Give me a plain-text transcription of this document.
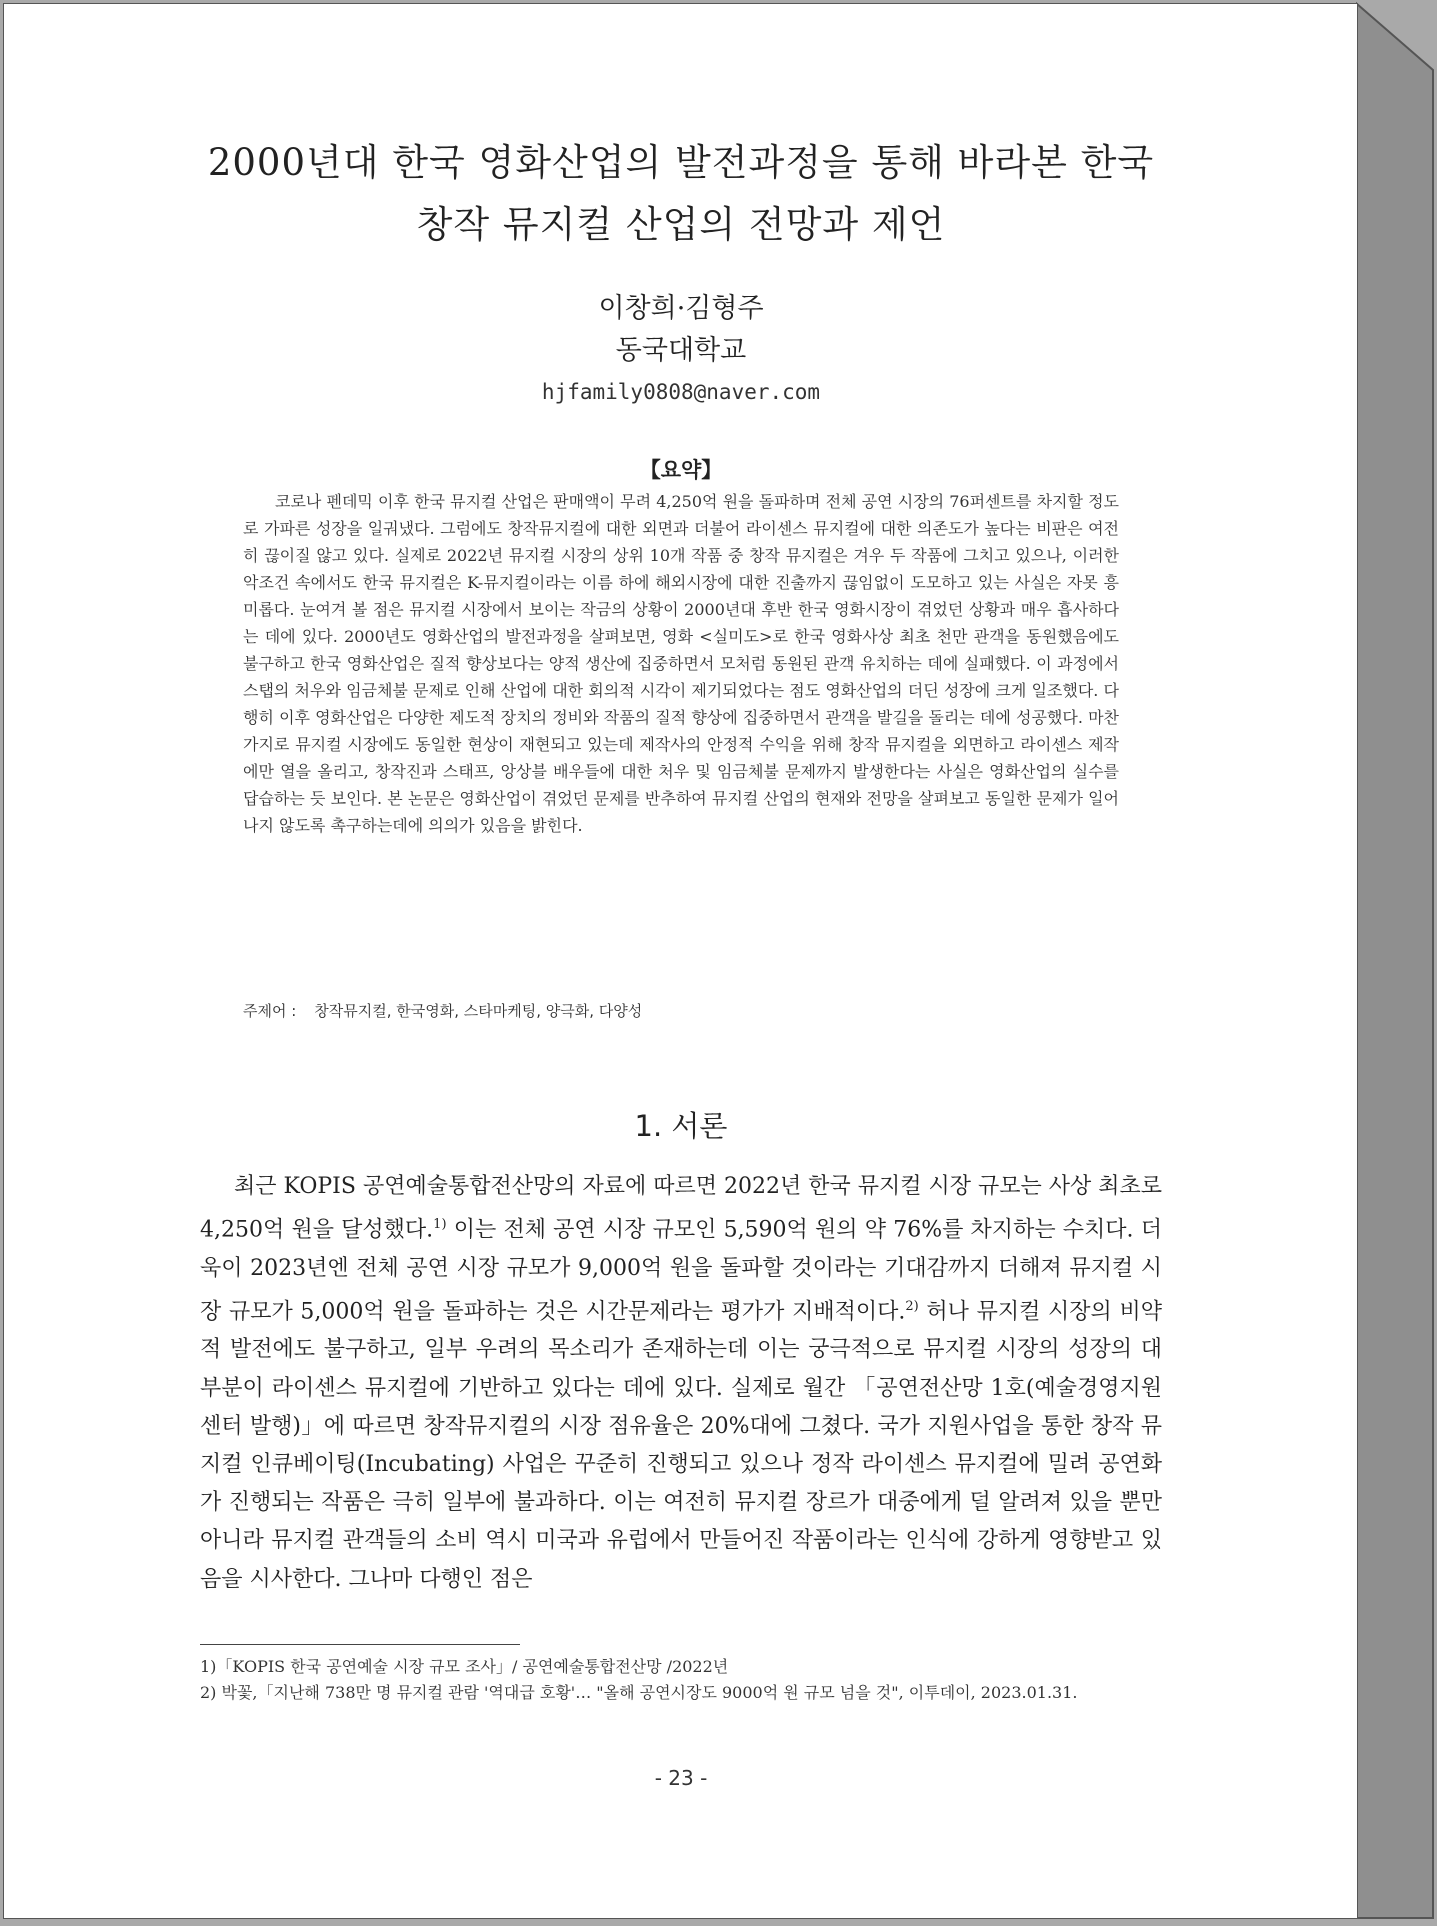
2000년대 한국 영화산업의 발전과정을 통해 바라본 한국
창작 뮤지컬 산업의 전망과 제언
이창희·김형주
동국대학교
hjfamily0808@naver.com
【요약】
코로나 펜데믹 이후 한국 뮤지컬 산업은 판매액이 무려 4,250억 원을 돌파하며 전체 공연 시장의 76퍼센트를 차지할 정도로 가파른 성장을 일궈냈다. 그럼에도 창작뮤지컬에 대한 외면과 더불어 라이센스 뮤지컬에 대한 의존도가 높다는 비판은 여전히 끊이질 않고 있다. 실제로 2022년 뮤지컬 시장의 상위 10개 작품 중 창작 뮤지컬은 겨우 두 작품에 그치고 있으나, 이러한 악조건 속에서도 한국 뮤지컬은 K-뮤지컬이라는 이름 하에 해외시장에 대한 진출까지 끊임없이 도모하고 있는 사실은 자못 흥미롭다. 눈여겨 볼 점은 뮤지컬 시장에서 보이는 작금의 상황이 2000년대 후반 한국 영화시장이 겪었던 상황과 매우 흡사하다는 데에 있다. 2000년도 영화산업의 발전과정을 살펴보면, 영화 <실미도>로 한국 영화사상 최초 천만 관객을 동원했음에도 불구하고 한국 영화산업은 질적 향상보다는 양적 생산에 집중하면서 모처럼 동원된 관객 유치하는 데에 실패했다. 이 과정에서 스탭의 처우와 임금체불 문제로 인해 산업에 대한 회의적 시각이 제기되었다는 점도 영화산업의 더딘 성장에 크게 일조했다. 다행히 이후 영화산업은 다양한 제도적 장치의 정비와 작품의 질적 향상에 집중하면서 관객을 발길을 돌리는 데에 성공했다. 마찬가지로 뮤지컬 시장에도 동일한 현상이 재현되고 있는데 제작사의 안정적 수익을 위해 창작 뮤지컬을 외면하고 라이센스 제작에만 열을 올리고, 창작진과 스태프, 앙상블 배우들에 대한 처우 및 임금체불 문제까지 발생한다는 사실은 영화산업의 실수를 답습하는 듯 보인다. 본 논문은 영화산업이 겪었던 문제를 반추하여 뮤지컬 산업의 현재와 전망을 살펴보고 동일한 문제가 일어나지 않도록 촉구하는데에 의의가 있음을 밝힌다.
주제어 : 창작뮤지컬, 한국영화, 스타마케팅, 양극화, 다양성
1. 서론
최근 KOPIS 공연예술통합전산망의 자료에 따르면 2022년 한국 뮤지컬 시장 규모는 사상 최초로 4,250억 원을 달성했다.$^{1)}$ 이는 전체 공연 시장 규모인 5,590억 원의 약 76%를 차지하는 수치다. 더욱이 2023년엔 전체 공연 시장 규모가 9,000억 원을 돌파할 것이라는 기대감까지 더해져 뮤지컬 시장 규모가 5,000억 원을 돌파하는 것은 시간문제라는 평가가 지배적이다.$^{2)}$ 허나 뮤지컬 시장의 비약적 발전에도 불구하고, 일부 우려의 목소리가 존재하는데 이는 궁극적으로 뮤지컬 시장의 성장의 대부분이 라이센스 뮤지컬에 기반하고 있다는 데에 있다. 실제로 월간 「공연전산망 1호(예술경영지원센터 발행)」에 따르면 창작뮤지컬의 시장 점유율은 20%대에 그쳤다. 국가 지원사업을 통한 창작 뮤지컬 인큐베이팅(Incubating) 사업은 꾸준히 진행되고 있으나 정작 라이센스 뮤지컬에 밀려 공연화가 진행되는 작품은 극히 일부에 불과하다. 이는 여전히 뮤지컬 장르가 대중에게 덜 알려져 있을 뿐만 아니라 뮤지컬 관객들의 소비 역시 미국과 유럽에서 만들어진 작품이라는 인식에 강하게 영향받고 있음을 시사한다. 그나마 다행인 점은
1)「KOPIS 한국 공연예술 시장 규모 조사」/ 공연예술통합전산망 /2022년
2) 박꽃,「지난해 738만 명 뮤지컬 관람 '역대급 호황'… "올해 공연시장도 9000억 원 규모 넘을 것", 이투데이, 2023.01.31.
- 23 -
